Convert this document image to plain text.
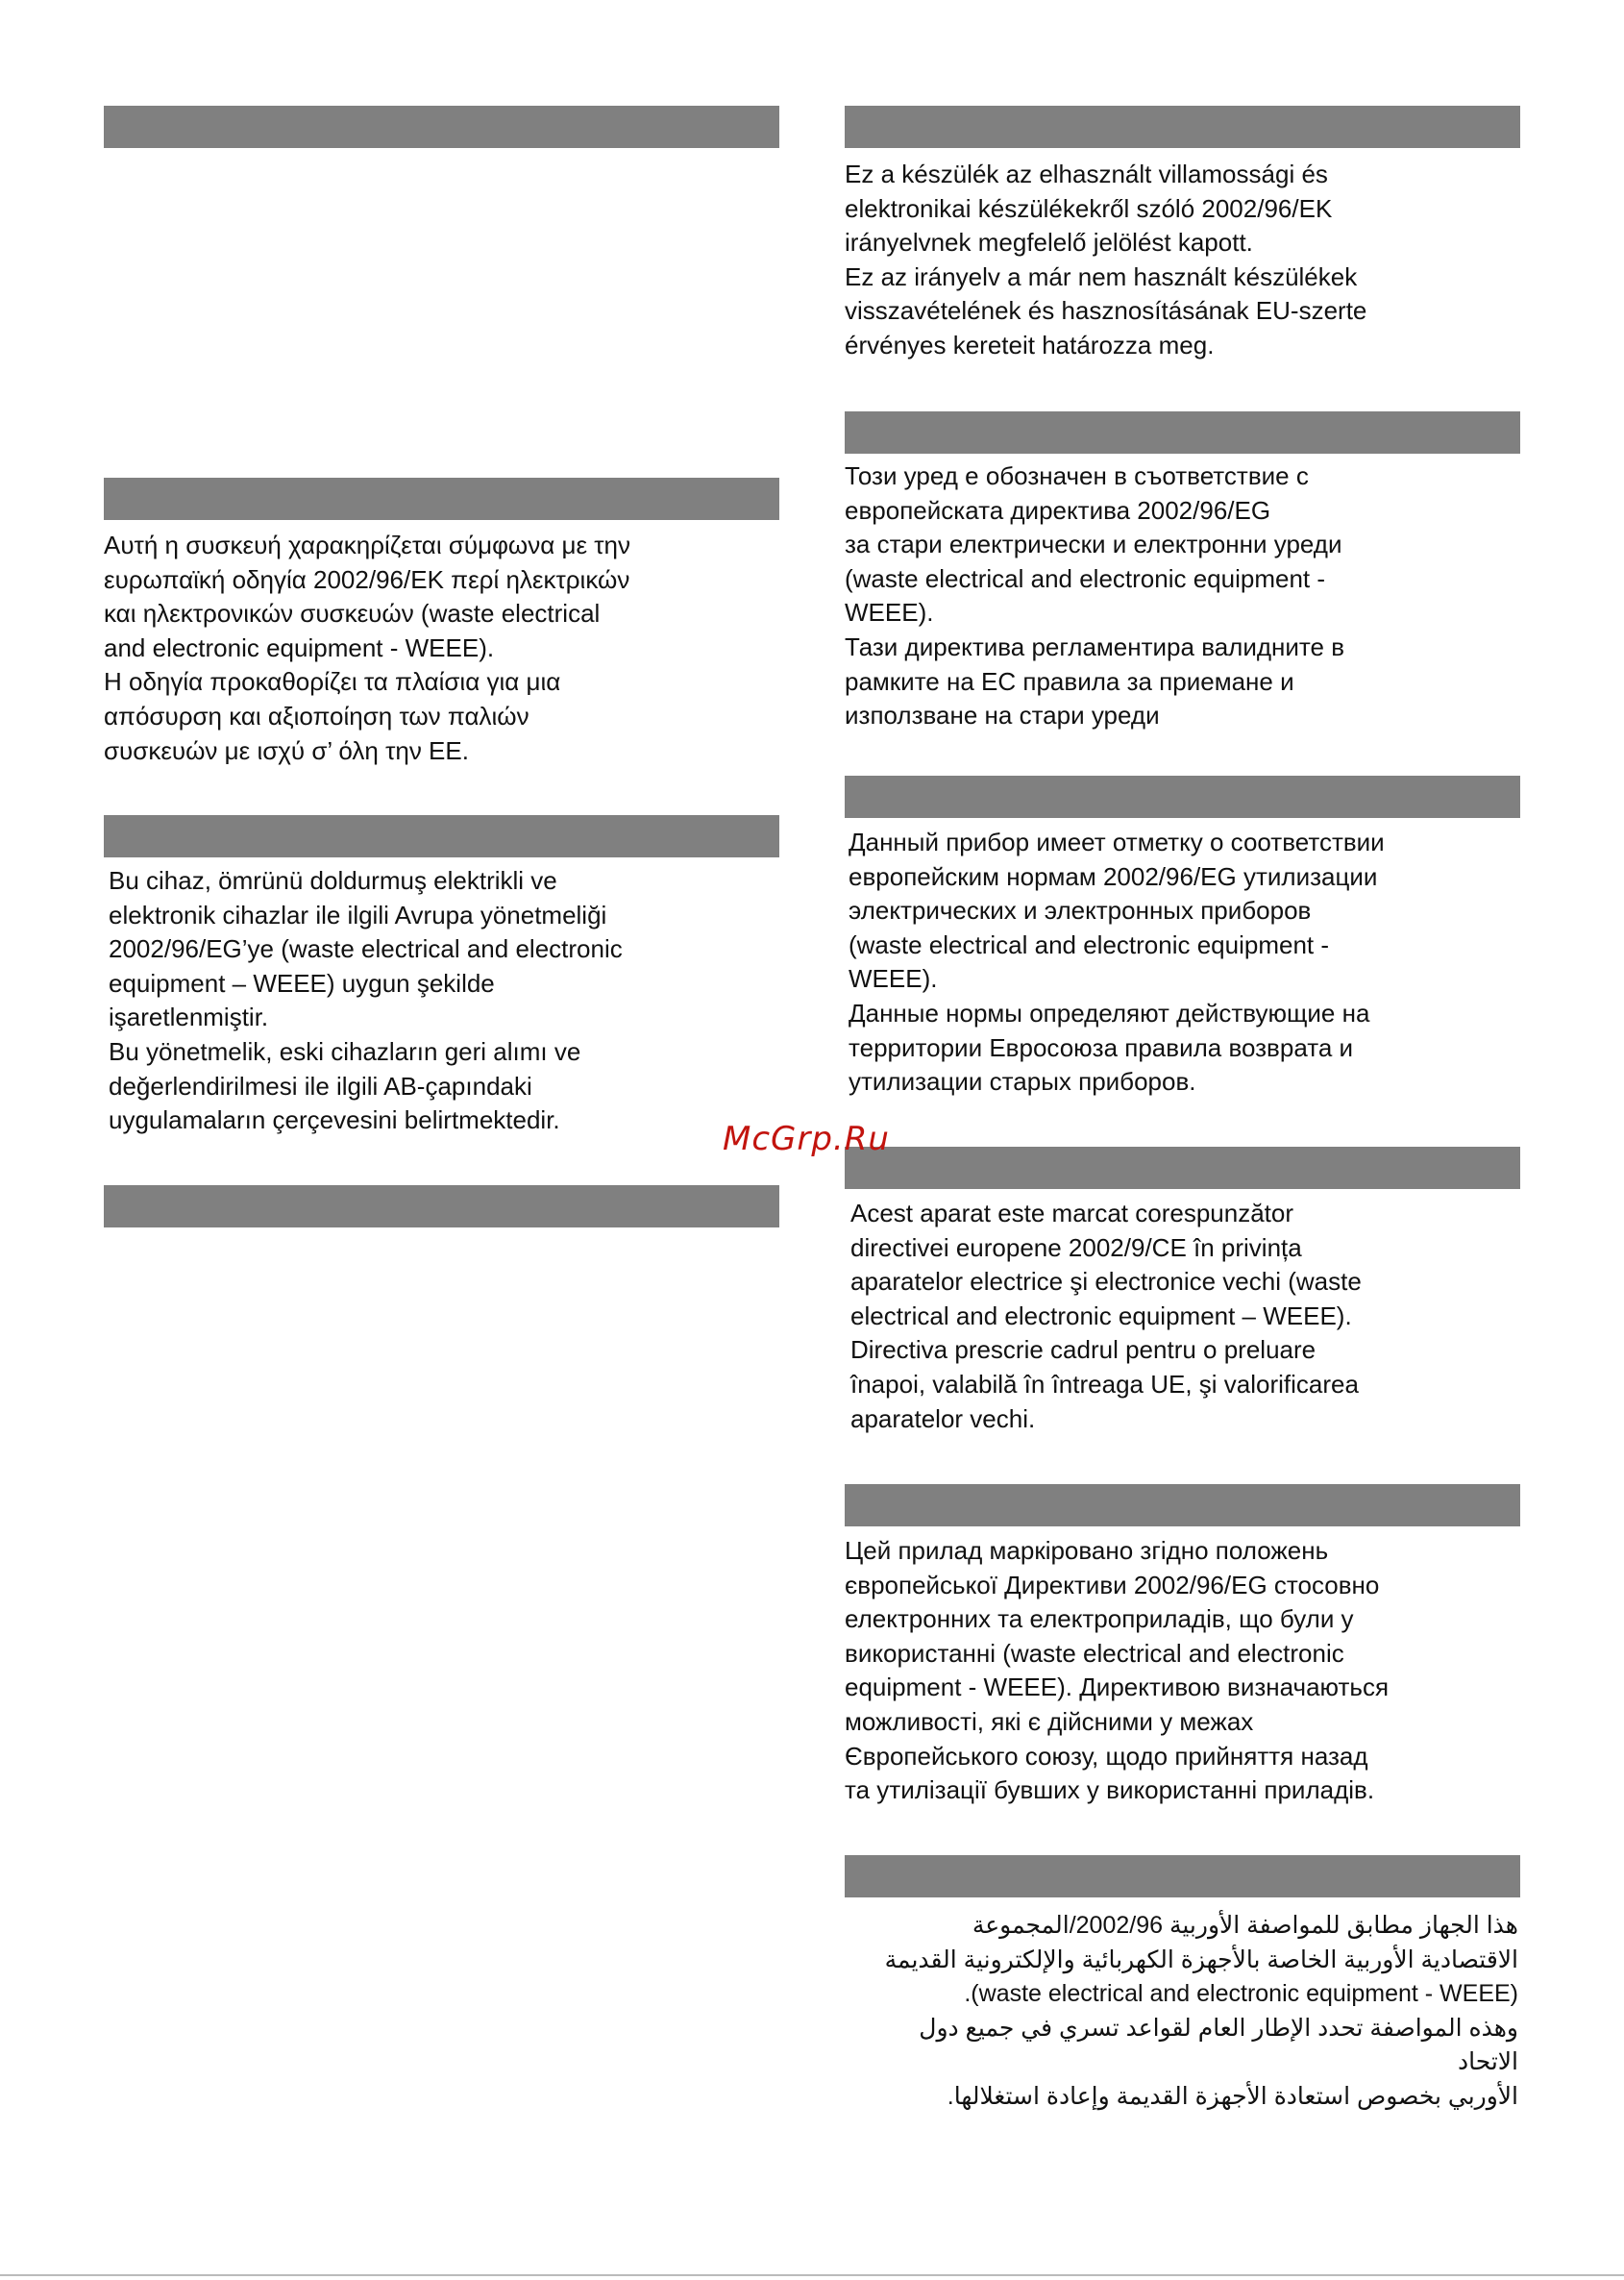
Αυτή η συσκευή χαρακηρίζεται σύμφωνα με την
ευρωπαϊκή οδηγία 2002/96/EK περί ηλεκτρικών
και ηλεκτρονικών συσκευών (waste electrical
and electronic equipment - WEEE).
H οδηγία προκαθορίζει τα πλαίσια για μια
απόσυρση και αξιοποίηση των παλιών
συσκευών με ισχύ σ’ όλη την ΕΕ.

Bu cihaz, ömrünü doldurmuş elektrikli ve
elektronik cihazlar ile ilgili Avrupa yönetmeliği
2002/96/EG’ye (waste electrical and electronic
equipment – WEEE) uygun şekilde
işaretlenmiştir.
Bu yönetmelik, eski cihazların geri alımı ve
değerlendirilmesi ile ilgili AB-çapındaki
uygulamaların çerçevesini belirtmektedir.

Ez a készülék az elhasznált villamossági és
elektronikai készülékekről szóló 2002/96/EK
irányelvnek megfelelő jelölést kapott.
Ez az irányelv a már nem használt készülékek
visszavételének és hasznosításának EU-szerte
érvényes kereteit határozza meg.

Този уред е обозначен в съответствие с
европейската директива 2002/96/EG
за стари електрически и електронни уреди
(waste electrical and electronic equipment -
WEEE).
Тази директива регламентира валидните в
рамките на ЕС правила за приемане и
използване на стари уреди

Данный прибор имеет отметку о соответствии
европейским нормам 2002/96/EG утилизации
электрических и электронных приборов
(waste electrical and electronic equipment -
WEEE).
Данные нормы определяют действующие на
территории Евросоюза правила возврата и
утилизации старых приборов.

Acest aparat este marcat corespunzător
directivei europene 2002/9/CE în privința
aparatelor electrice şi electronice vechi (waste
electrical and electronic equipment – WEEE).
Directiva prescrie cadrul pentru o preluare
înapoi, valabilă în întreaga UE, şi valorificarea
aparatelor vechi.

Цей прилад маркіровано згідно положень
європейської Директиви 2002/96/EG стосовно
електронних та електроприладів, що були у
використанні (waste electrical and electronic
equipment - WEEE). Директивою визначаються
можливості, які є дійсними у межах
Європейського союзу, щодо прийняття назад
та утилізації бувших у використанні приладів.

هذا الجهاز مطابق للمواصفة الأوربية 2002/96/المجموعة
الاقتصادية الأوربية الخاصة بالأجهزة الكهربائية والإلكترونية القديمة
(waste electrical and electronic equipment - WEEE).
وهذه المواصفة تحدد الإطار العام لقواعد تسري في جميع دول الاتحاد
الأوربي بخصوص استعادة الأجهزة القديمة وإعادة استغلالها.

McGrp.Ru
